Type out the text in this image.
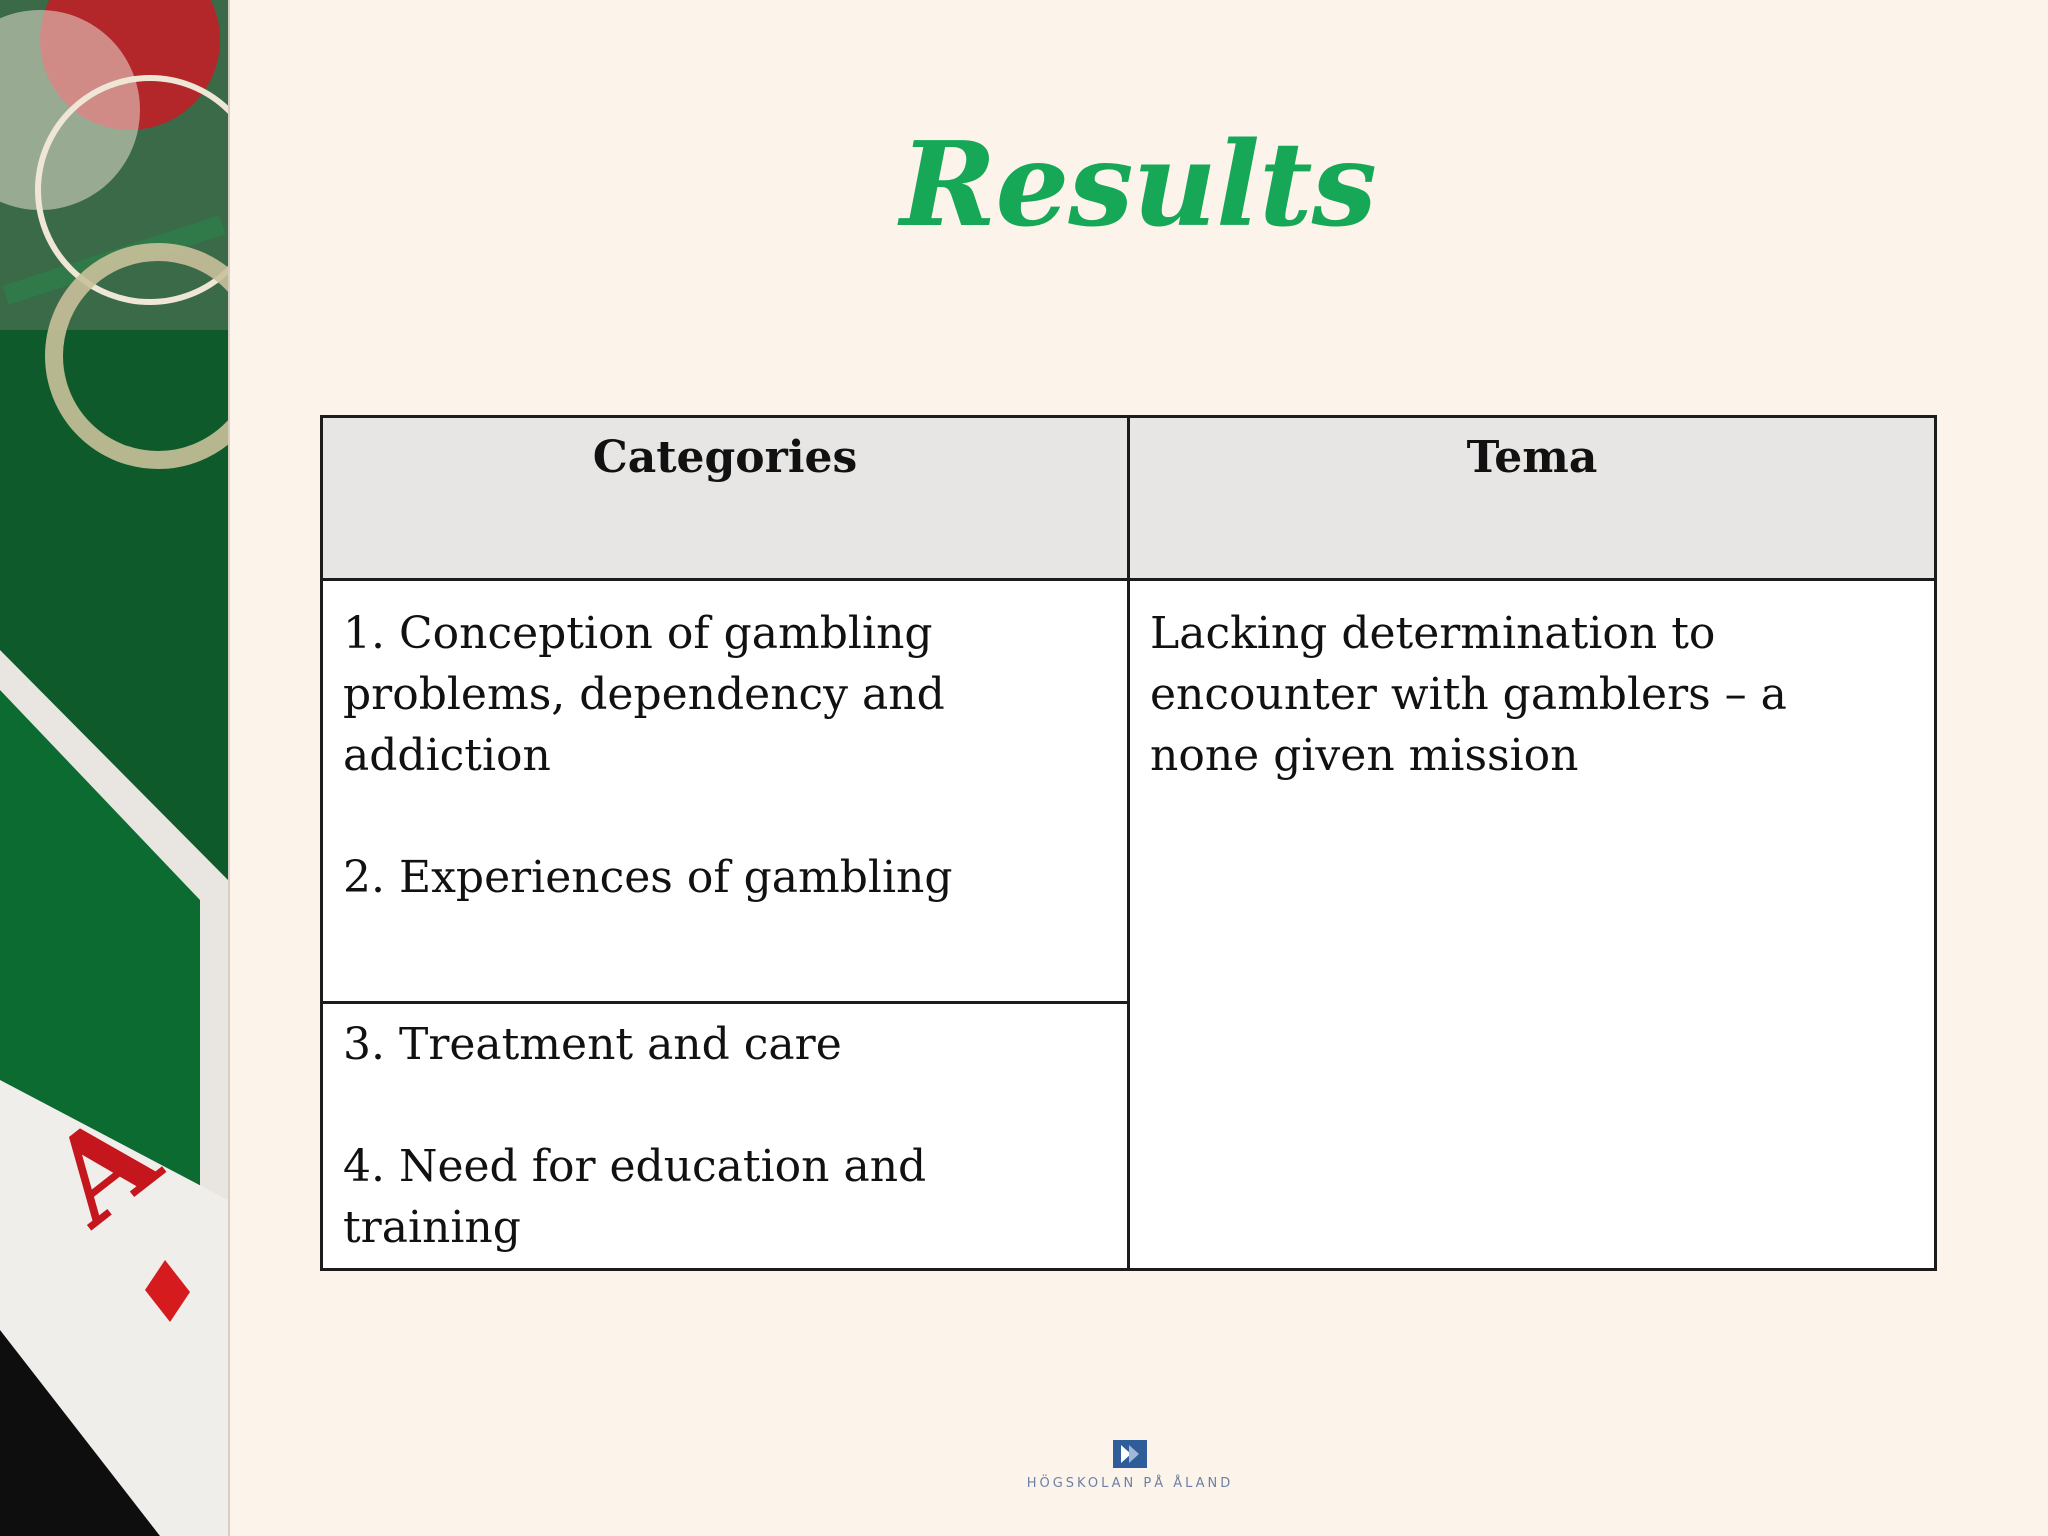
A
Results
Categories	Tema

1. Conception of gambling problems, dependency and addiction
2. Experiences of gambling	Lacking determination to encounter with gamblers – a none given mission

3. Treatment and care
4. Need for education and training	
HÖGSKOLAN PÅ ÅLAND
